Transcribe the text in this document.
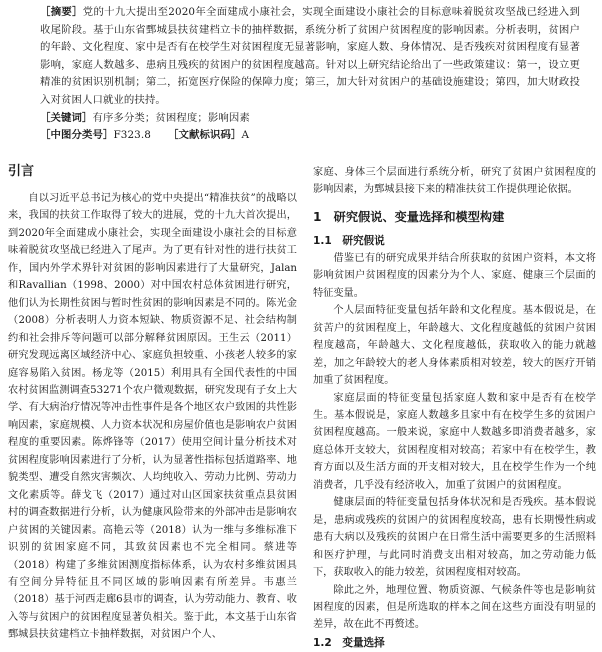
［摘要］党的十九大提出至2020年全面建成小康社会，实现全面建设小康社会的目标意味着脱贫攻坚战已经进入到收尾阶段。基于山东省鄄城县扶贫建档立卡的抽样数据，系统分析了贫困户贫困程度的影响因素。分析表明，贫困户的年龄、文化程度、家中是否有在校学生对贫困程度无显著影响，家庭人数、身体情况、是否残疾对贫困程度有显著影响，家庭人数越多、患病且残疾的贫困户的贫困程度越高。针对以上研究结论给出了一些政策建议：第一，设立更精准的贫困识别机制；第二，拓宽医疗保险的保障力度；第三，加大针对贫困户的基础设施建设；第四，加大财政投入对贫困人口就业的扶持。

［关键词］有序多分类；贫困程度；影响因素

［中图分类号］F323.8	［文献标识码］A

引言

自以习近平总书记为核心的党中央提出“精准扶贫”的战略以来，我国的扶贫工作取得了较大的进展，党的十九大首次提出，到2020年全面建成小康社会，实现全面建设小康社会的目标意味着脱贫攻坚战已经进入了尾声。为了更有针对性的进行扶贫工作，国内外学术界针对贫困的影响因素进行了大量研究，Jalan和Ravallian（1998、2000）对中国农村总体贫困进行研究，他们认为长期性贫困与暂时性贫困的影响因素是不同的。陈光金（2008）分析表明人力资本短缺、物质资源不足、社会结构制约和社会排斥等问题可以部分解释贫困原因。王生云（2011）研究发现远离区域经济中心、家庭负担较重、小孩老人较多的家庭容易陷入贫困。杨龙等（2015）利用具有全国代表性的中国农村贫困监测调查53271个农户微观数据，研究发现有子女上大学、有大病治疗情况等冲击性事件是各个地区农户致困的共性影响因素，家庭规模、人力资本状况和房屋价值也是影响农户贫困程度的重要因素。陈烨锋等（2017）使用空间计量分析技术对贫困程度影响因素进行了分析，认为显著性指标包括道路率、地貌类型、遭受自然灾害频次、人均纯收入、劳动力比例、劳动力文化素质等。薛戈飞（2017）通过对山区国家扶贫重点县贫困村的调查数据进行分析，认为健康风险带来的外部冲击是影响农户贫困的关键因素。高艳云等（2018）认为一维与多维标准下识别的贫困家庭不同，其致贫因素也不完全相同。蔡进等（2018）构建了多维贫困测度指标体系，认为农村多维贫困具有空间分异特征且不同区域的影响因素有所差异。韦惠兰（2018）基于河西走廊6县市的调查，认为劳动能力、教育、收入等与贫困户的贫困程度显著负相关。鉴于此，本文基于山东省鄄城县扶贫建档立卡抽样数据，对贫困户个人、

家庭、身体三个层面进行系统分析，研究了贫困户贫困程度的影响因素，为鄄城县接下来的精准扶贫工作提供理论依据。

1　研究假说、变量选择和模型构建
1.1　研究假说

借鉴已有的研究成果并结合所获取的贫困户资料，本文将影响贫困户贫困程度的因素分为个人、家庭、健康三个层面的特征变量。

个人层面特征变量包括年龄和文化程度。基本假说是，在贫苦户的贫困程度上，年龄越大、文化程度越低的贫困户贫困程度越高，年龄越大、文化程度越低，获取收入的能力就越差，加之年龄较大的老人身体素质相对较差，较大的医疗开销加重了贫困程度。

家庭层面的特征变量包括家庭人数和家中是否有在校学生。基本假说是，家庭人数越多且家中有在校学生多的贫困户贫困程度越高。一般来说，家庭中人数越多即消费者越多，家庭总体开支较大，贫困程度相对较高；若家中有在校学生，教育方面以及生活方面的开支相对较大，且在校学生作为一个纯消费者，几乎没有经济收入，加重了贫困户的贫困程度。

健康层面的特征变量包括身体状况和是否残疾。基本假说是，患病或残疾的贫困户的贫困程度较高，患有长期慢性病或患有大病以及残疾的贫困户在日常生活中需要更多的生活照料和医疗护理，与此同时消费支出相对较高，加之劳动能力低下，获取收入的能力较差，贫困程度相对较高。

除此之外，地理位置、物质资源、气候条件等也是影响贫困程度的因素，但是所选取的样本之间在这些方面没有明显的差异，故在此不再赘述。

1.2　变量选择
